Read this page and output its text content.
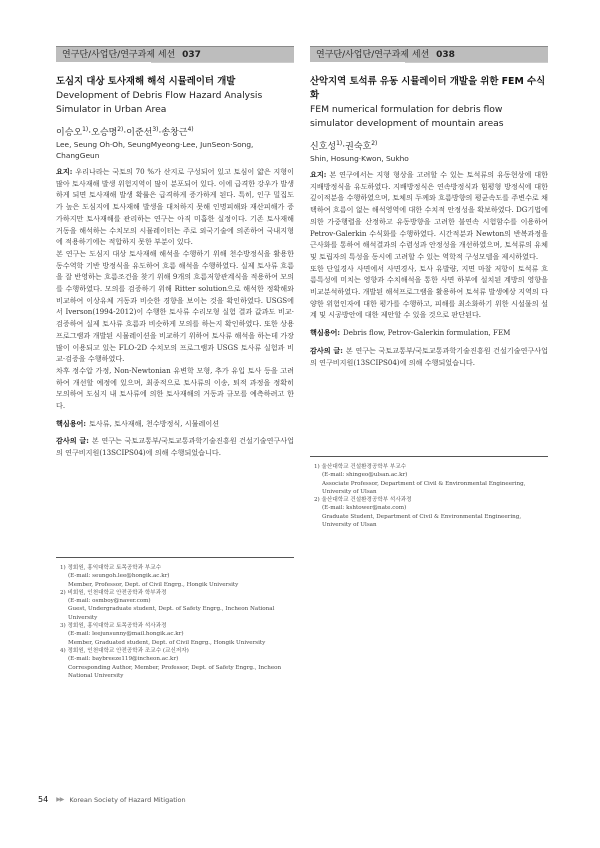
연구단/사업단/연구과제 세션 037
도심지 대상 토사재해 해석 시뮬레이터 개발
Development of Debris Flow Hazard Analysis Simulator in Urban Area
이승오$^{1)}$·오승명$^{2)}$·이준선$^{3)}$·송창근$^{4)}$
Lee, Seung Oh·Oh, SeungMyeong·Lee, JunSeon·Song, ChangGeun

요지: 우리나라는 국토의 70 %가 산지로 구성되어 있고 토심이 얇은 지형이 많아 토사재해 발생 위험지역이 많이 분포되어 있다. 이에 급격한 강우가 발생하게 되면 토사재해 발생 확률은 급격하게 증가하게 된다. 특히, 인구 밀집도가 높은 도심지에 토사재해 발생을 대처하지 못해 인명피해와 재산피해가 증가하지만 토사재해를 관리하는 연구는 아직 미흡한 실정이다. 기존 토사재해 거동을 해석하는 수치모의 시뮬레이터는 주로 외국기술에 의존하여 국내지형에 적용하기에는 적합하지 못한 부분이 있다.

본 연구는 도심지 대상 토사재해 해석을 수행하기 위해 천수방정식을 활용한 동수역학 기반 방정식을 유도하여 흐름 해석을 수행하였다. 실제 토사류 흐름을 잘 반영하는 흐름조건을 찾기 위해 9개의 흐름저항관계식을 적용하여 모의를 수행하였다. 모의를 검증하기 위해 Ritter solution으로 해석한 정확해와 비교하여 이상유체 거동과 비슷한 경향을 보이는 것을 확인하였다. USGS에서 Iverson(1994-2012)이 수행한 토사류 수리모형 실험 결과 값과도 비교·검증하여 실제 토사류 흐름과 비슷하게 모의를 하는지 확인하였다. 또한 상용 프로그램과 개발된 시뮬레이션을 비교하기 위하여 토사류 해석을 하는데 가장 많이 이용되고 있는 FLO-2D 수치모의 프로그램과 USGS 토사류 실험과 비교·검증을 수행하였다.

차후 정수압 가정, Non-Newtonian 유변학 모형, 추가 유입 토사 등을 고려하여 개선할 예정에 있으며, 최종적으로 토사류의 이송, 퇴적 과정을 정확히 모의하여 도심지 내 토사류에 의한 토사재해의 거동과 규모를 예측하려고 한다.

핵심용어: 토사류, 토사재해, 천수방정식, 시뮬레이션
감사의 글: 본 연구는 국토교통부/국토교통과학기술진흥원 건설기술연구사업의 연구비지원(13SCIPS04)에 의해 수행되었습니다.
1) 정회원, 홍익대학교 토목공학과 부교수
(E-mail: seungoh.lee@hongik.ac.kr)
Member, Professor, Dept. of Civil Engrg., Hongik University
2) 비회원, 인천대학교 안전공학과 학부과정
(E-mail: osmboy@naver.com)
Guest, Undergraduate student, Dept. of Safety Engrg., Incheon National University
3) 정회원, 홍익대학교 토목공학과 석사과정
(E-mail: leejunsunny@mail.hongik.ac.kr)
Member, Graduated student, Dept. of Civil Engrg., Hongik University
4) 정회원, 인천대학교 안전공학과 조교수 (교신저자)
(E-mail: baybreeze119@incheon.ac.kr)
Corresponding Author, Member, Professor, Dept. of Safety Engrg., Incheon National University
연구단/사업단/연구과제 세션 038
산악지역 토석류 유동 시뮬레이터 개발을 위한 FEM 수식화
FEM numerical formulation for debris flow simulator development of mountain areas
신호성$^{1)}$·권숙호$^{2)}$
Shin, Hosung·Kwon, Sukho

요지: 본 연구에서는 지형 형상을 고려할 수 있는 토석류의 유동현상에 대한 지배방정식을 유도하였다. 지배방정식은 연속방정식과 힘평형 방정식에 대한 깊이적분을 수행하였으며, 토체의 두께와 흐름방향의 평균속도를 주변수로 채택하여 흐름이 없는 해석영역에 대한 수치적 안정성을 확보하였다. DG기법에 의한 가중행렬을 산정하고 유동방향을 고려한 불연속 시험함수를 이용하여 Petrov-Galerkin 수식화를 수행하였다. 시간적분과 Newton의 반복과정을 근사화를 통하여 해석결과의 수렴성과 안정성을 개선하였으며, 토석류의 유체 및 토립자의 특성을 동시에 고려할 수 있는 역학적 구성모델을 제시하였다.

또한 단일경사 사면에서 사면경사, 토사 유발량, 지면 마찰 저항이 토석류 흐름특성에 미치는 영향과 수치해석을 통한 사면 하부에 설치된 계방의 영향을 비교분석하였다. 개발된 해석프로그램을 활용하여 토석류 발생예상 지역의 다양한 위험인자에 대한 평가를 수행하고, 피해를 최소화하기 위한 시설물의 설계 및 시공방안에 대한 제안할 수 있을 것으로 판단된다.

핵심용어: Debris flow, Petrov-Galerkin formulation, FEM
감사의 글: 본 연구는 국토교통부/국토교통과학기술진흥원 건설기술연구사업의 연구비지원(13SCIPS04)에 의해 수행되었습니다.
1) 울산대학교 건설환경공학부 부교수
(E-mail: shingeo@ulsan.ac.kr)
Associate Professor, Department of Civil & Environmental Engineering, University of Ulsan
2) 울산대학교 건설환경공학부 석사과정
(E-mail: kshtower@nate.com)
Graduate Student, Department of Civil & Environmental Engineering, University of Ulsan
54 ▶▶ Korean Society of Hazard Mitigation
